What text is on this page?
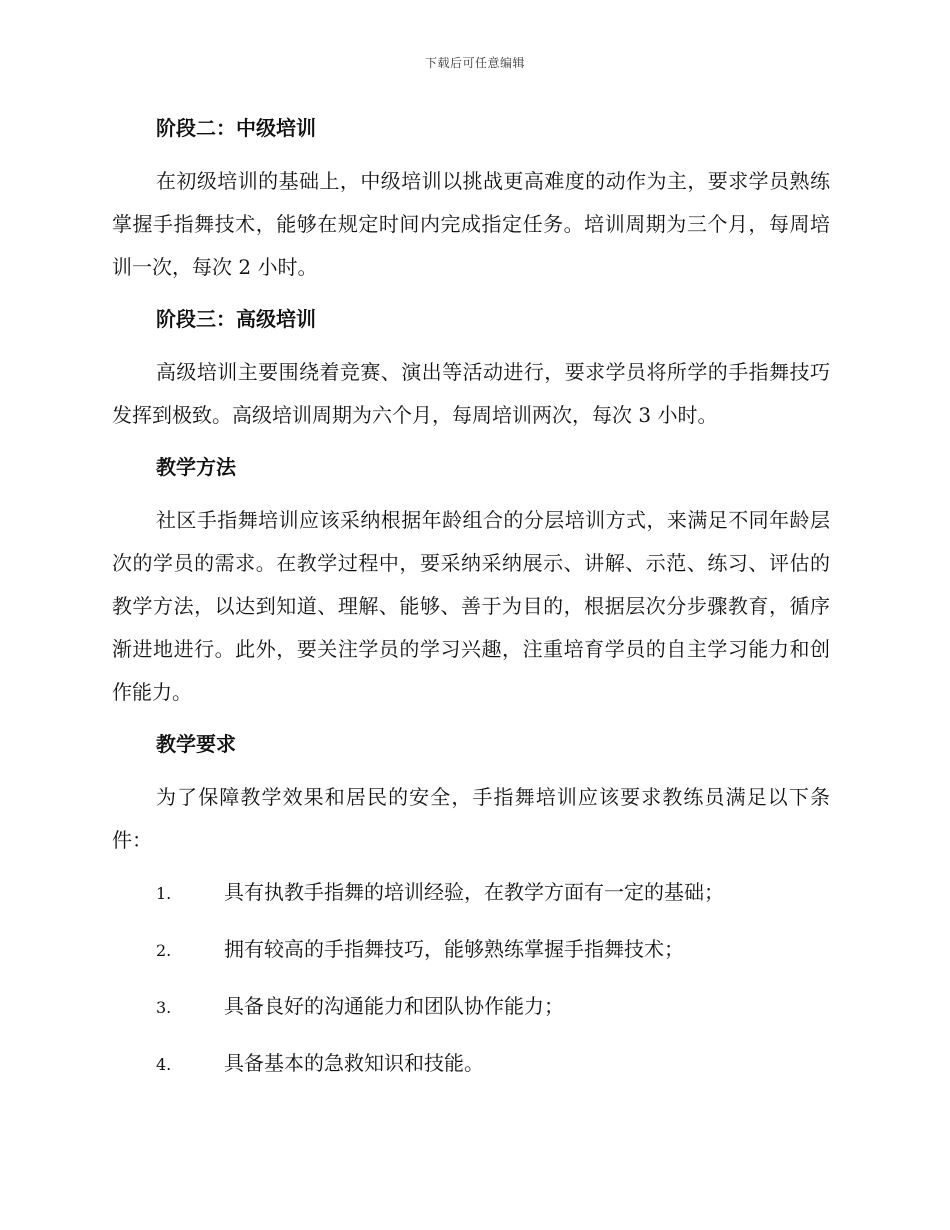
下载后可任意编辑
阶段二：中级培训
在初级培训的基础上，中级培训以挑战更高难度的动作为主，要求学员熟练掌握手指舞技术，能够在规定时间内完成指定任务。培训周期为三个月，每周培训一次，每次 2 小时。
阶段三：高级培训
高级培训主要围绕着竞赛、演出等活动进行，要求学员将所学的手指舞技巧发挥到极致。高级培训周期为六个月，每周培训两次，每次 3 小时。
教学方法
社区手指舞培训应该采纳根据年龄组合的分层培训方式，来满足不同年龄层次的学员的需求。在教学过程中，要采纳采纳展示、讲解、示范、练习、评估的教学方法，以达到知道、理解、能够、善于为目的，根据层次分步骤教育，循序渐进地进行。此外，要关注学员的学习兴趣，注重培育学员的自主学习能力和创作能力。
教学要求
为了保障教学效果和居民的安全，手指舞培训应该要求教练员满足以下条件：
1.	具有执教手指舞的培训经验，在教学方面有一定的基础；
2.	拥有较高的手指舞技巧，能够熟练掌握手指舞技术；
3.	具备良好的沟通能力和团队协作能力；
4.	具备基本的急救知识和技能。
